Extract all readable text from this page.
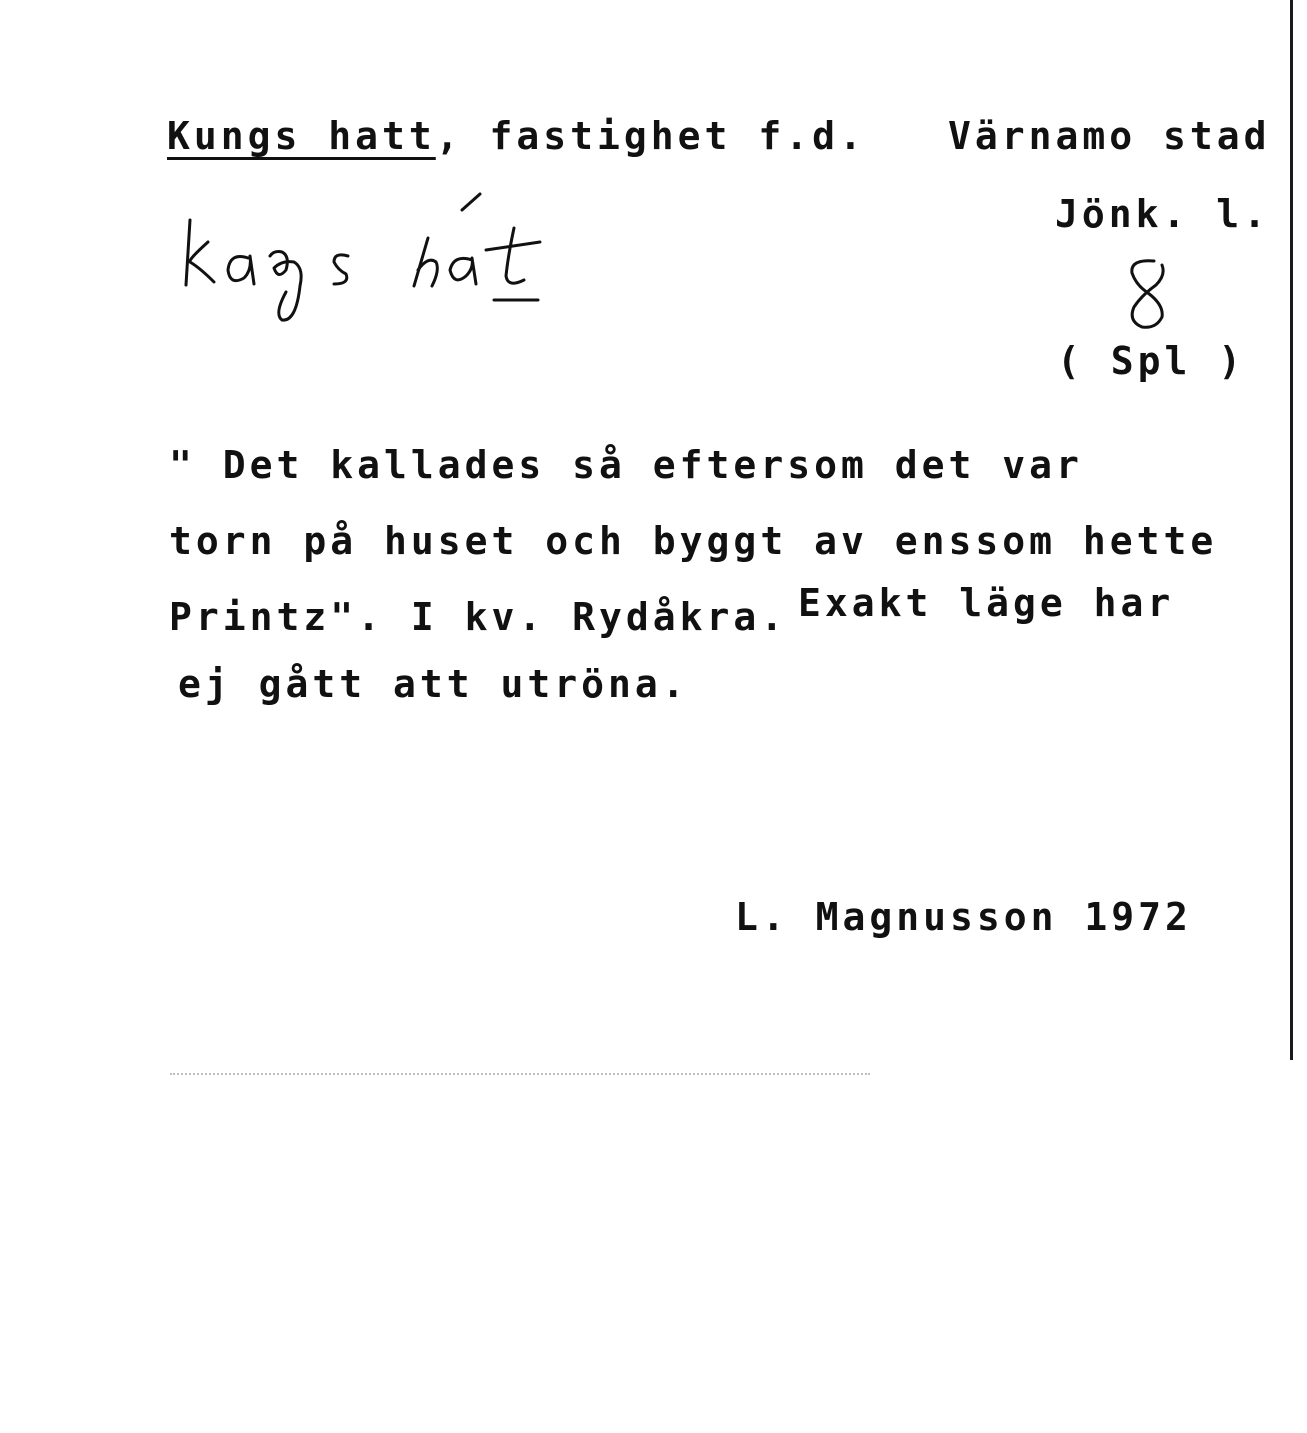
Kungs hatt, fastighet f.d. Värnamo stad
Jönk. l.
( Spl )
" Det kallades så eftersom det var
torn på huset och byggt av enssom hette
Printz". I kv. Rydåkra. Exakt läge har
ej gått att utröna.
L. Magnusson 1972
